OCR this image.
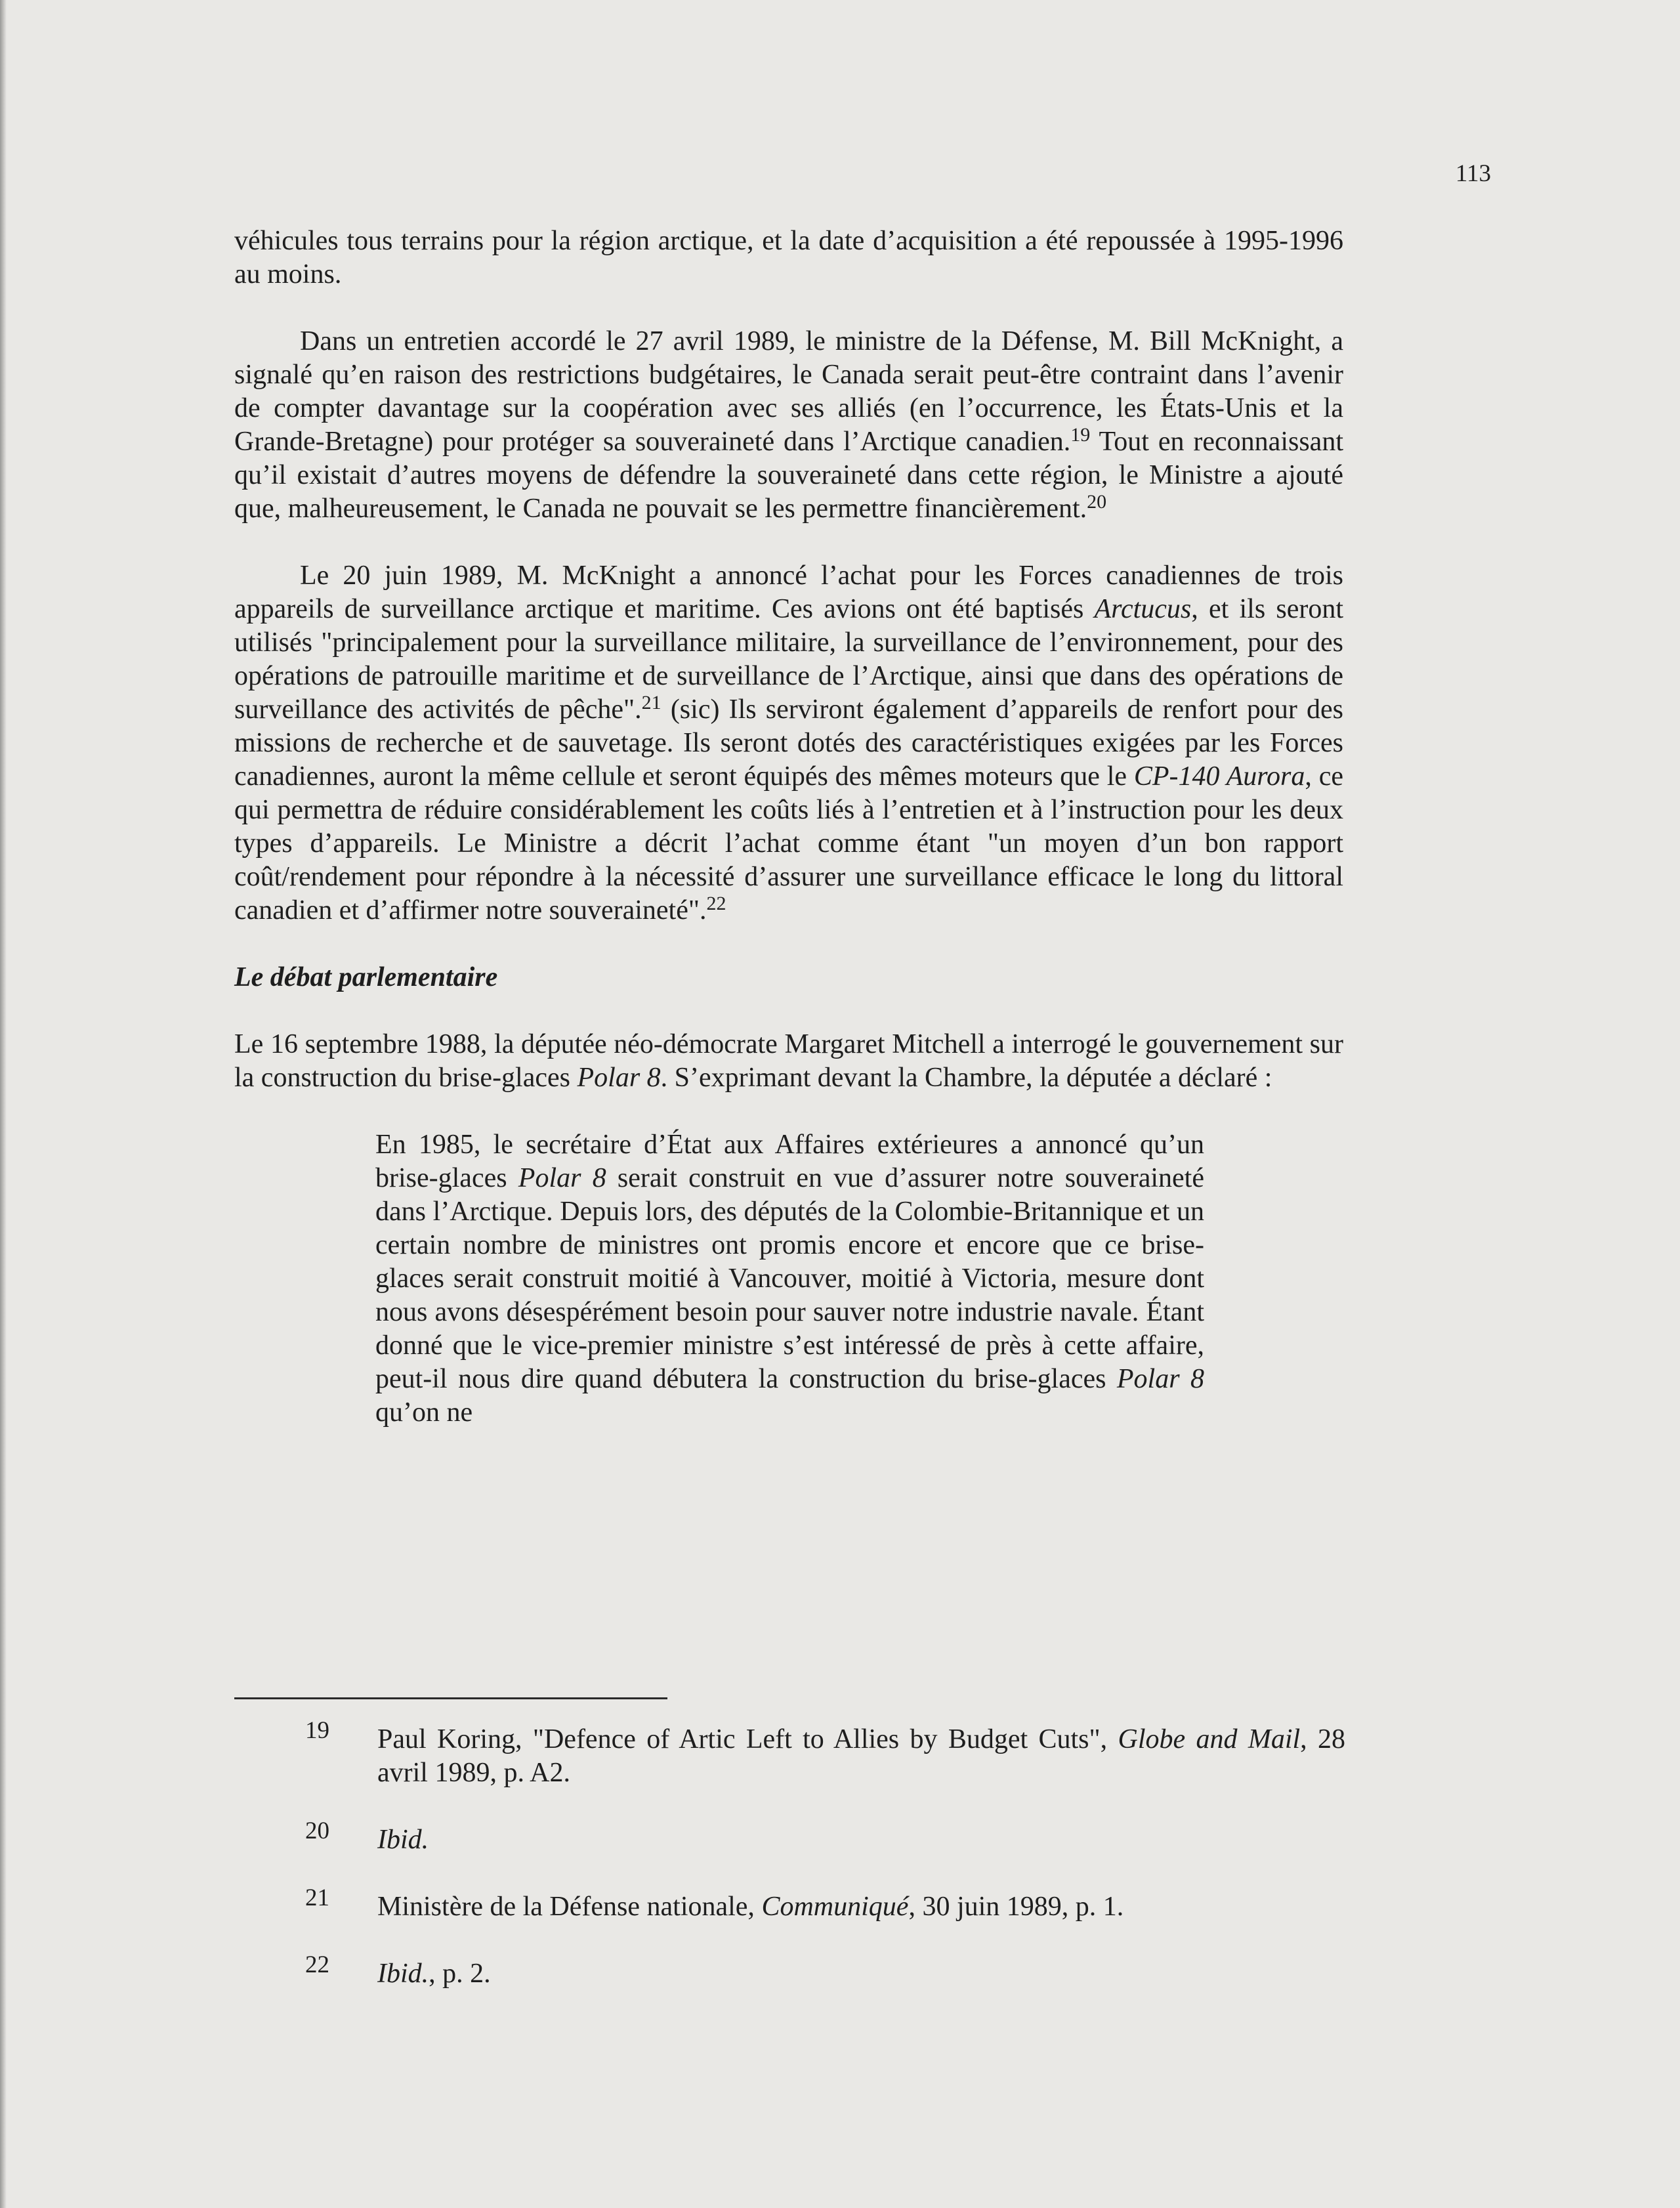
113

véhicules tous terrains pour la région arctique, et la date d’acquisition a été repoussée à 1995-1996 au moins.

Dans un entretien accordé le 27 avril 1989, le ministre de la Défense, M. Bill McKnight, a signalé qu’en raison des restrictions budgétaires, le Canada serait peut-être contraint dans l’avenir de compter davantage sur la coopération avec ses alliés (en l’occurrence, les États-Unis et la Grande-Bretagne) pour protéger sa souveraineté dans l’Arctique canadien.$^{19}$ Tout en reconnaissant qu’il existait d’autres moyens de défendre la souveraineté dans cette région, le Ministre a ajouté que, malheureusement, le Canada ne pouvait se les permettre financièrement.$^{20}$

Le 20 juin 1989, M. McKnight a annoncé l’achat pour les Forces canadiennes de trois appareils de surveillance arctique et maritime. Ces avions ont été baptisés Arctucus, et ils seront utilisés "principalement pour la surveillance militaire, la surveillance de l’environnement, pour des opérations de patrouille maritime et de surveillance de l’Arctique, ainsi que dans des opérations de surveillance des activités de pêche".$^{21}$ (sic) Ils serviront également d’appareils de renfort pour des missions de recherche et de sauvetage. Ils seront dotés des caractéristiques exigées par les Forces canadiennes, auront la même cellule et seront équipés des mêmes moteurs que le CP-140 Aurora, ce qui permettra de réduire considérablement les coûts liés à l’entretien et à l’instruction pour les deux types d’appareils. Le Ministre a décrit l’achat comme étant "un moyen d’un bon rapport coût/rendement pour répondre à la nécessité d’assurer une surveillance efficace le long du littoral canadien et d’affirmer notre souveraineté".$^{22}$

Le débat parlementaire

Le 16 septembre 1988, la députée néo-démocrate Margaret Mitchell a interrogé le gouvernement sur la construction du brise-glaces Polar 8. S’exprimant devant la Chambre, la députée a déclaré :

En 1985, le secrétaire d’État aux Affaires extérieures a annoncé qu’un brise-glaces Polar 8 serait construit en vue d’assurer notre souveraineté dans l’Arctique. Depuis lors, des députés de la Colombie-Britannique et un certain nombre de ministres ont promis encore et encore que ce brise-glaces serait construit moitié à Vancouver, moitié à Victoria, mesure dont nous avons désespérément besoin pour sauver notre industrie navale. Étant donné que le vice-premier ministre s’est intéressé de près à cette affaire, peut-il nous dire quand débutera la construction du brise-glaces Polar 8 qu’on ne

19 Paul Koring, "Defence of Artic Left to Allies by Budget Cuts", Globe and Mail, 28 avril 1989, p. A2.
20 Ibid.
21 Ministère de la Défense nationale, Communiqué, 30 juin 1989, p. 1.
22 Ibid., p. 2.
